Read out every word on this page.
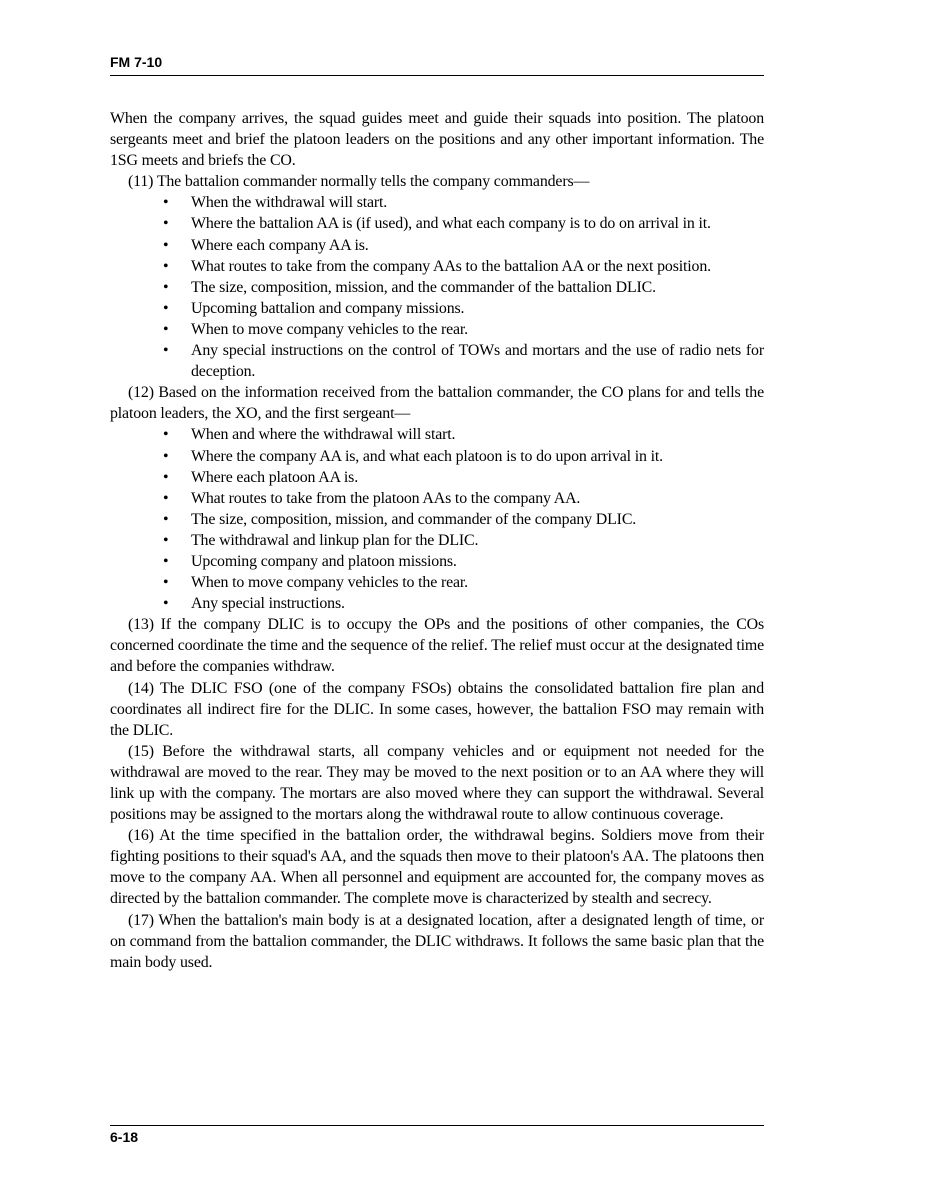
FM 7-10

When the company arrives, the squad guides meet and guide their squads into position. The platoon sergeants meet and brief the platoon leaders on the positions and any other important information. The 1SG meets and briefs the CO.

(11) The battalion commander normally tells the company commanders—

• When the withdrawal will start.
• Where the battalion AA is (if used), and what each company is to do on arrival in it.
• Where each company AA is.
• What routes to take from the company AAs to the battalion AA or the next position.
• The size, composition, mission, and the commander of the battalion DLIC.
• Upcoming battalion and company missions.
• When to move company vehicles to the rear.
• Any special instructions on the control of TOWs and mortars and the use of radio nets for deception.

(12) Based on the information received from the battalion commander, the CO plans for and tells the platoon leaders, the XO, and the first sergeant—

• When and where the withdrawal will start.
• Where the company AA is, and what each platoon is to do upon arrival in it.
• Where each platoon AA is.
• What routes to take from the platoon AAs to the company AA.
• The size, composition, mission, and commander of the company DLIC.
• The withdrawal and linkup plan for the DLIC.
• Upcoming company and platoon missions.
• When to move company vehicles to the rear.
• Any special instructions.

(13) If the company DLIC is to occupy the OPs and the positions of other companies, the COs concerned coordinate the time and the sequence of the relief. The relief must occur at the designated time and before the companies withdraw.

(14) The DLIC FSO (one of the company FSOs) obtains the consolidated battalion fire plan and coordinates all indirect fire for the DLIC. In some cases, however, the battalion FSO may remain with the DLIC.

(15) Before the withdrawal starts, all company vehicles and or equipment not needed for the withdrawal are moved to the rear. They may be moved to the next position or to an AA where they will link up with the company. The mortars are also moved where they can support the withdrawal. Several positions may be assigned to the mortars along the withdrawal route to allow continuous coverage.

(16) At the time specified in the battalion order, the withdrawal begins. Soldiers move from their fighting positions to their squad's AA, and the squads then move to their platoon's AA. The platoons then move to the company AA. When all personnel and equipment are accounted for, the company moves as directed by the battalion commander. The complete move is characterized by stealth and secrecy.

(17) When the battalion's main body is at a designated location, after a designated length of time, or on command from the battalion commander, the DLIC withdraws. It follows the same basic plan that the main body used.

6-18
